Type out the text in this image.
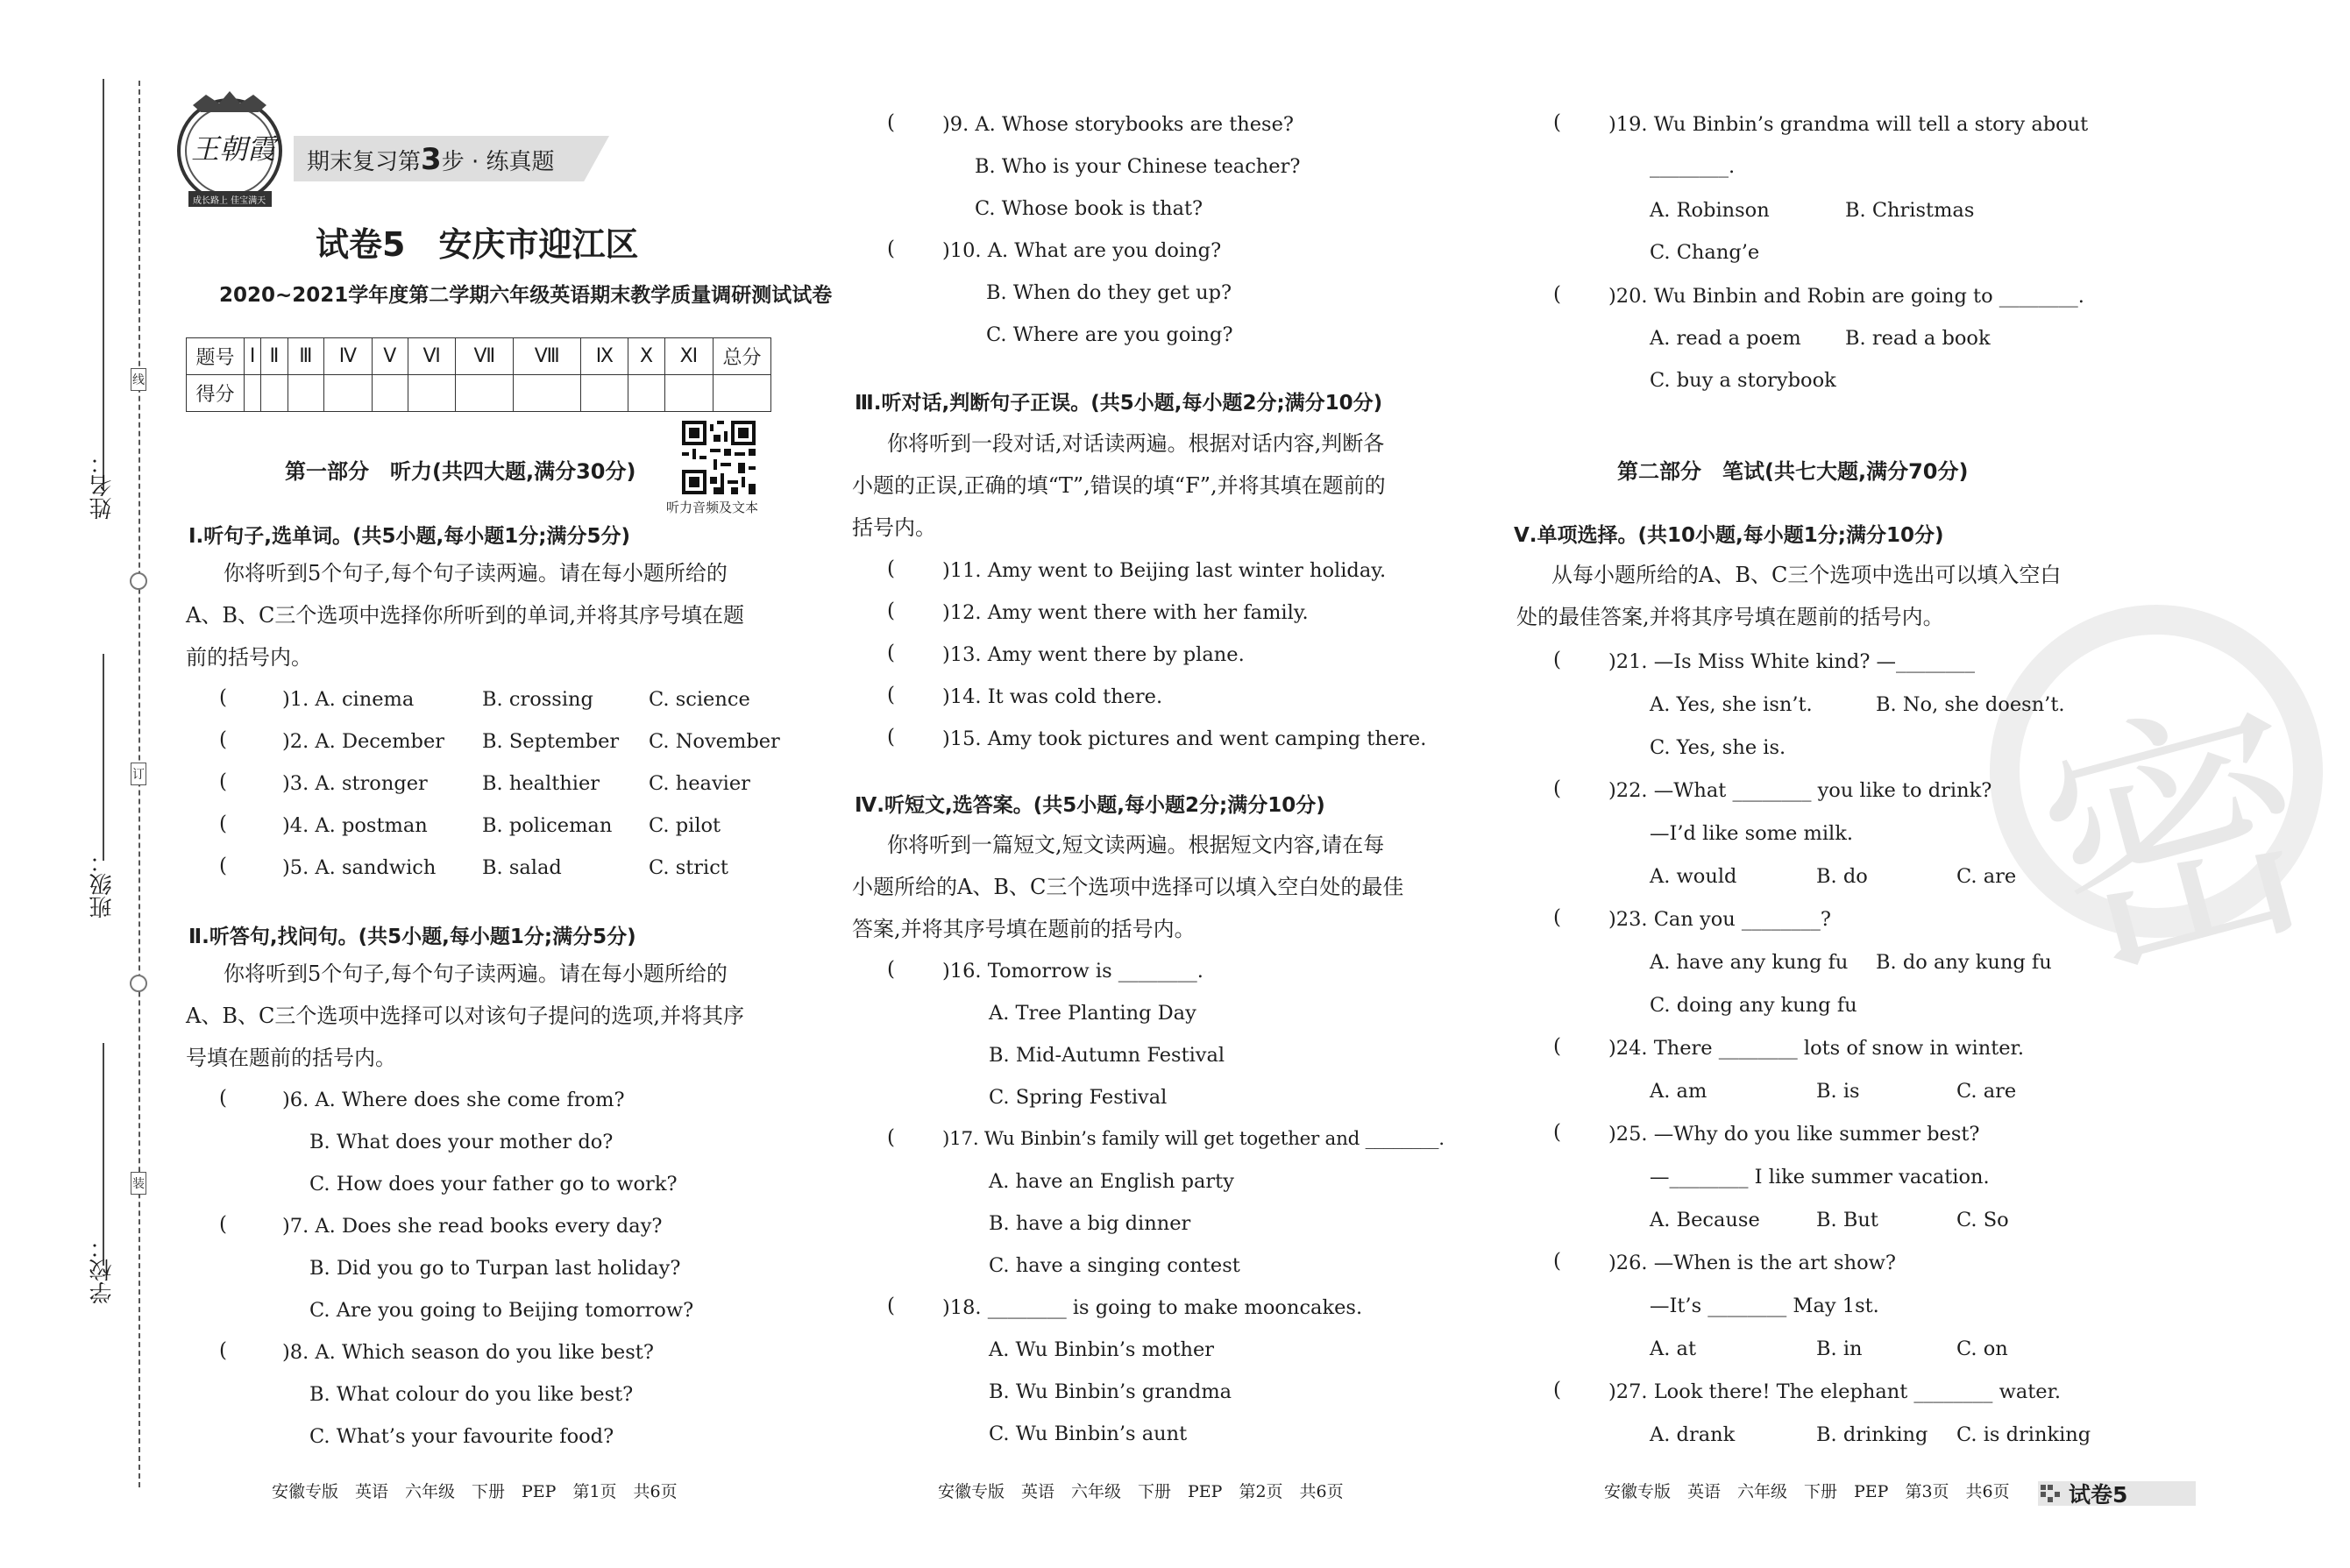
姓名：
班级：
学校：
线
订
装
王朝霞
成长路上 佳宝满天
期末复习第 3 步 · 练真题
试卷5　安庆市迎江区
2020~2021学年度第二学期六年级英语期末教学质量调研测试试卷
题号	Ⅰ	Ⅱ	Ⅲ	Ⅳ	Ⅴ	Ⅵ	Ⅶ	Ⅷ	Ⅸ	Ⅹ	Ⅺ	总分
得分												
听力音频及文本
第一部分　听力(共四大题,满分30分)
Ⅰ.听句子,选单词。(共5小题,每小题1分;满分5分)
你将听到5个句子,每个句子读两遍。请在每小题所给的
A、B、C三个选项中选择你所听到的单词,并将其序号填在题
前的括号内。
(	)1. A. cinema	B. crossing	C. science
(	)2. A. December B. September C. November
(	)3. A. stronger	B. healthier C. heavier
(	)4. A. postman	B. policeman C. pilot
(	)5. A. sandwich B. salad	C. strict
Ⅱ.听答句,找问句。(共5小题,每小题1分;满分5分)
你将听到5个句子,每个句子读两遍。请在每小题所给的
A、B、C三个选项中选择可以对该句子提问的选项,并将其序
号填在题前的括号内。
(	)6. A. Where does she come from?
B. What does your mother do?
C. How does your father go to work?
(	)7. A. Does she read books every day?
B. Did you go to Turpan last holiday?
C. Are you going to Beijing tomorrow?
(	)8. A. Which season do you like best?
B. What colour do you like best?
C. What’s your favourite food?
安徽专版　英语　六年级　下册　PEP　第1页　共6页
( )9. A. Whose storybooks are these?
B. Who is your Chinese teacher?
C. Whose book is that?
( )10. A. What are you doing?
B. When do they get up?
C. Where are you going?
Ⅲ.听对话,判断句子正误。(共5小题,每小题2分;满分10分)
你将听到一段对话,对话读两遍。根据对话内容,判断各
小题的正误,正确的填“T”,错误的填“F”,并将其填在题前的
括号内。
( )11. Amy went to Beijing last winter holiday.
( )12. Amy went there with her family.
( )13. Amy went there by plane.
( )14. It was cold there.
( )15. Amy took pictures and went camping there.
Ⅳ.听短文,选答案。(共5小题,每小题2分;满分10分)
你将听到一篇短文,短文读两遍。根据短文内容,请在每
小题所给的A、B、C三个选项中选择可以填入空白处的最佳
答案,并将其序号填在题前的括号内。
( )16. Tomorrow is ________.
A. Tree Planting Day
B. Mid-Autumn Festival
C. Spring Festival
(	)17. Wu Binbin’s family will get together and ________.
A. have an English party
B. have a big dinner
C. have a singing contest
( )18. ________ is going to make mooncakes.
A. Wu Binbin’s mother
B. Wu Binbin’s grandma
C. Wu Binbin’s aunt
安徽专版　英语　六年级　下册　PEP　第2页　共6页
密
( )19. Wu Binbin’s grandma will tell a story about
________.
A. Robinson	B. Christmas
C. Chang’e
( )20. Wu Binbin and Robin are going to ________.
A. read a poem B. read a book
C. buy a storybook
第二部分　笔试(共七大题,满分70分)
Ⅴ.单项选择。(共10小题,每小题1分;满分10分)
从每小题所给的A、B、C三个选项中选出可以填入空白
处的最佳答案,并将其序号填在题前的括号内。
( )21. —Is Miss White kind? —________
A. Yes, she isn’t.	B. No, she doesn’t.
C. Yes, she is.
( )22. —What ________ you like to drink?
—I’d like some milk.
A. would	B. do	C. are
( )23. Can you ________?
A. have any kung fu B. do any kung fu
C. doing any kung fu
( )24. There ________ lots of snow in winter.
A. am	B. is	C. are
( )25. —Why do you like summer best?
—________ I like summer vacation.
A. Because	B. But	C. So
( )26. —When is the art show?
—It’s ________ May 1st.
A. at	B. in	C. on
( )27. Look there! The elephant ________ water.
A. drank	B. drinking C. is drinking
安徽专版　英语　六年级　下册　PEP　第3页　共6页	试卷5
